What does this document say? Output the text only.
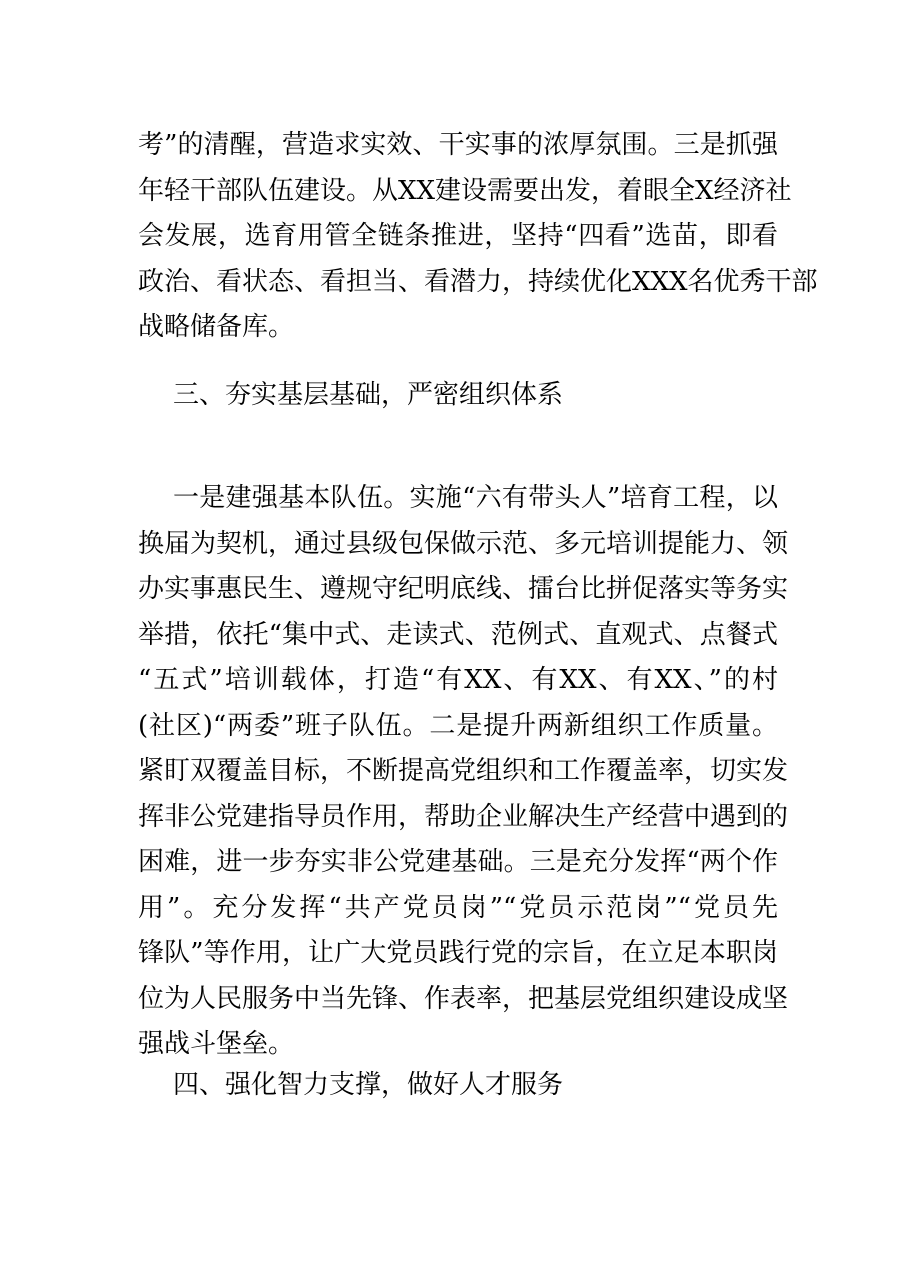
考”的清醒，营造求实效、干实事的浓厚氛围。三是抓强
年轻干部队伍建设。从XX建设需要出发，着眼全X经济社
会发展，选育用管全链条推进，坚持“四看”选苗，即看
政治、看状态、看担当、看潜力，持续优化XXX名优秀干部
战略储备库。
三、夯实基层基础，严密组织体系
一是建强基本队伍。实施“六有带头人”培育工程，以
换届为契机，通过县级包保做示范、多元培训提能力、领
办实事惠民生、遵规守纪明底线、擂台比拼促落实等务实
举措，依托“集中式、走读式、范例式、直观式、点餐式
“五式”培训载体，打造“有XX、有XX、有XX、”的村
(社区)“两委”班子队伍。二是提升两新组织工作质量。
紧盯双覆盖目标，不断提高党组织和工作覆盖率，切实发
挥非公党建指导员作用，帮助企业解决生产经营中遇到的
困难，进一步夯实非公党建基础。三是充分发挥“两个作
用”。充分发挥“共产党员岗”“党员示范岗”“党员先
锋队”等作用，让广大党员践行党的宗旨，在立足本职岗
位为人民服务中当先锋、作表率，把基层党组织建设成坚
强战斗堡垒。
四、强化智力支撑，做好人才服务
